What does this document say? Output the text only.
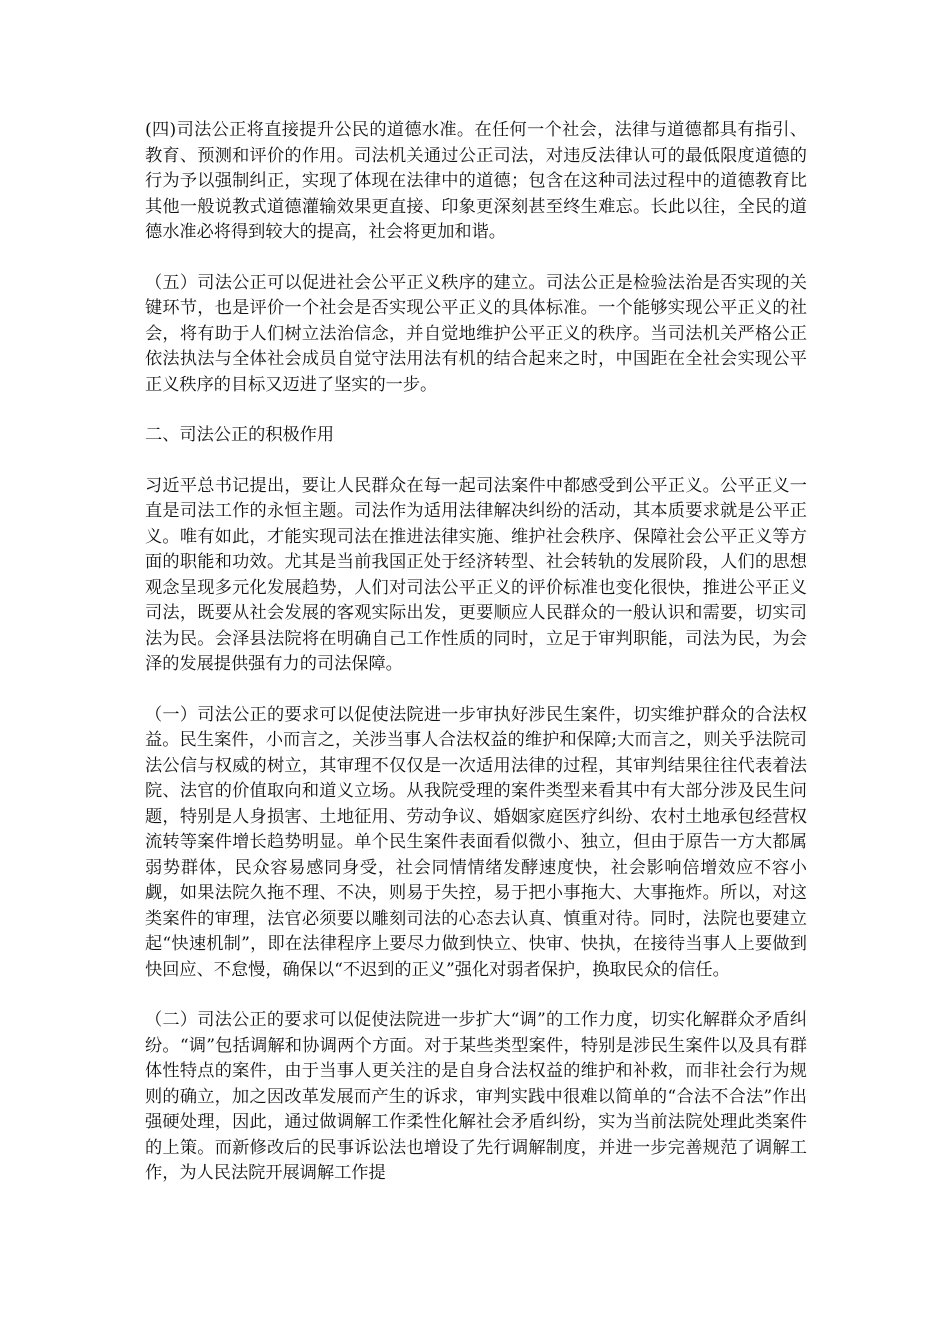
(四)司法公正将直接提升公民的道德水准。在任何一个社会，法律与道德都具有指引、教育、预测和评价的作用。司法机关通过公正司法，对违反法律认可的最低限度道德的行为予以强制纠正，实现了体现在法律中的道德；包含在这种司法过程中的道德教育比其他一般说教式道德灌输效果更直接、印象更深刻甚至终生难忘。长此以往，全民的道德水准必将得到较大的提高，社会将更加和谐。

（五）司法公正可以促进社会公平正义秩序的建立。司法公正是检验法治是否实现的关键环节，也是评价一个社会是否实现公平正义的具体标准。一个能够实现公平正义的社会，将有助于人们树立法治信念，并自觉地维护公平正义的秩序。当司法机关严格公正依法执法与全体社会成员自觉守法用法有机的结合起来之时，中国距在全社会实现公平正义秩序的目标又迈进了坚实的一步。

二、司法公正的积极作用

习近平总书记提出，要让人民群众在每一起司法案件中都感受到公平正义。公平正义一直是司法工作的永恒主题。司法作为适用法律解决纠纷的活动，其本质要求就是公平正义。唯有如此，才能实现司法在推进法律实施、维护社会秩序、保障社会公平正义等方面的职能和功效。尤其是当前我国正处于经济转型、社会转轨的发展阶段，人们的思想观念呈现多元化发展趋势，人们对司法公平正义的评价标准也变化很快，推进公平正义司法，既要从社会发展的客观实际出发，更要顺应人民群众的一般认识和需要，切实司法为民。会泽县法院将在明确自己工作性质的同时，立足于审判职能，司法为民，为会泽的发展提供强有力的司法保障。

（一）司法公正的要求可以促使法院进一步审执好涉民生案件，切实维护群众的合法权益。民生案件，小而言之，关涉当事人合法权益的维护和保障;大而言之，则关乎法院司法公信与权威的树立，其审理不仅仅是一次适用法律的过程，其审判结果往往代表着法院、法官的价值取向和道义立场。从我院受理的案件类型来看其中有大部分涉及民生问题，特别是人身损害、土地征用、劳动争议、婚姻家庭医疗纠纷、农村土地承包经营权流转等案件增长趋势明显。单个民生案件表面看似微小、独立，但由于原告一方大都属弱势群体，民众容易感同身受，社会同情情绪发酵速度快，社会影响倍增效应不容小觑，如果法院久拖不理、不决，则易于失控，易于把小事拖大、大事拖炸。所以，对这类案件的审理，法官必须要以雕刻司法的心态去认真、慎重对待。同时，法院也要建立起“快速机制”，即在法律程序上要尽力做到快立、快审、快执，在接待当事人上要做到快回应、不怠慢，确保以“不迟到的正义”强化对弱者保护，换取民众的信任。

（二）司法公正的要求可以促使法院进一步扩大“调”的工作力度，切实化解群众矛盾纠纷。“调”包括调解和协调两个方面。对于某些类型案件，特别是涉民生案件以及具有群体性特点的案件，由于当事人更关注的是自身合法权益的维护和补救，而非社会行为规则的确立，加之因改革发展而产生的诉求，审判实践中很难以简单的“合法不合法”作出强硬处理，因此，通过做调解工作柔性化解社会矛盾纠纷，实为当前法院处理此类案件的上策。而新修改后的民事诉讼法也增设了先行调解制度，并进一步完善规范了调解工作，为人民法院开展调解工作提
